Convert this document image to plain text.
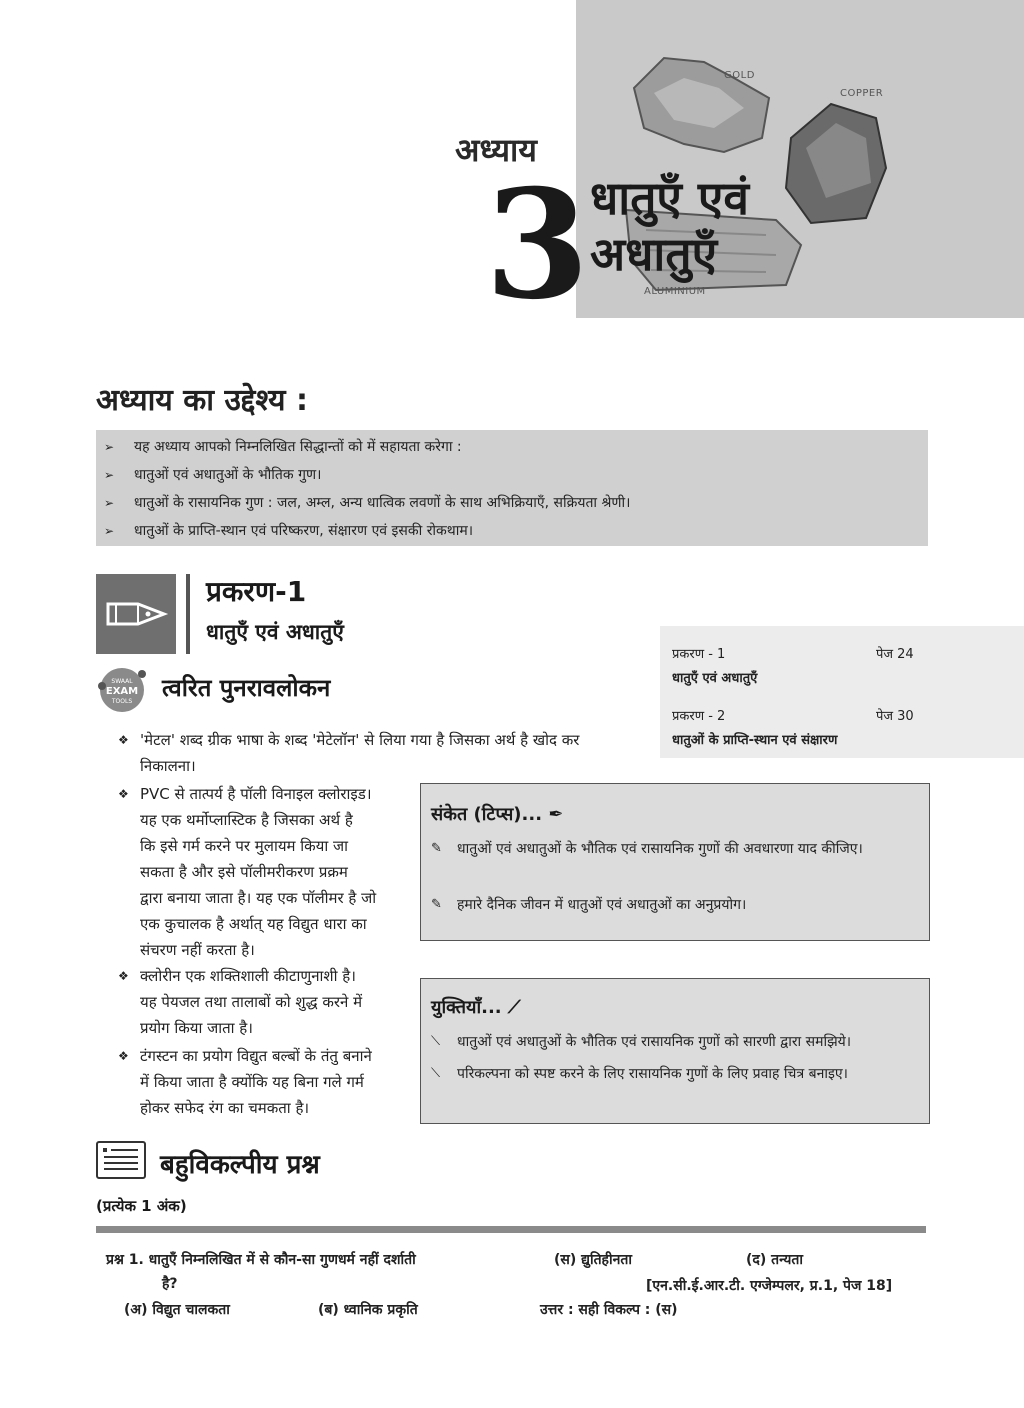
GOLD
COPPER
ALUMINIUM
अध्याय
3 धातुएँ एवं
अधातुएँ
अध्याय का उद्देश्य :
➢ यह अध्याय आपको निम्नलिखित सिद्धान्तों को में सहायता करेगा :
➢ धातुओं एवं अधातुओं के भौतिक गुण।
➢ धातुओं के रासायनिक गुण : जल, अम्ल, अन्य धात्विक लवणों के साथ अभिक्रियाएँ, सक्रियता श्रेणी।
➢ धातुओं के प्राप्ति-स्थान एवं परिष्करण, संक्षारण एवं इसकी रोकथाम।
प्रकरण-1
धातुएँ एवं अधातुएँ
प्रकरण - 1	पेज 24
धातुएँ एवं अधातुएँ
प्रकरण - 2	पेज 30
धातुओं के प्राप्ति-स्थान एवं संक्षारण
SWAAL
EXAM
TOOLS त्वरित पुनरावलोकन
❖ 'मेटल' शब्द ग्रीक भाषा के शब्द 'मेटेलॉन' से लिया गया है जिसका अर्थ है खोद कर
निकालना।
❖ PVC से तात्पर्य है पॉली विनाइल क्लोराइड।
यह एक थर्मोप्लास्टिक है जिसका अर्थ है
कि इसे गर्म करने पर मुलायम किया जा
सकता है और इसे पॉलीमरीकरण प्रक्रम
द्वारा बनाया जाता है। यह एक पॉलीमर है जो
एक कुचालक है अर्थात् यह विद्युत धारा का
संचरण नहीं करता है।
❖ क्लोरीन एक शक्तिशाली कीटाणुनाशी है।
यह पेयजल तथा तालाबों को शुद्ध करने में
प्रयोग किया जाता है।
❖ टंगस्टन का प्रयोग विद्युत बल्बों के तंतु बनाने
में किया जाता है क्योंकि यह बिना गले गर्म
होकर सफेद रंग का चमकता है।
संकेत (टिप्स)... ✒
✎ धातुओं एवं अधातुओं के भौतिक एवं रासायनिक गुणों की अवधारणा याद कीजिए।
✎ हमारे दैनिक जीवन में धातुओं एवं अधातुओं का अनुप्रयोग।
युक्तियाँ... ⟋
⟍ धातुओं एवं अधातुओं के भौतिक एवं रासायनिक गुणों को सारणी द्वारा समझिये।
⟍ परिकल्पना को स्पष्ट करने के लिए रासायनिक गुणों के लिए प्रवाह चित्र बनाइए।
बहुविकल्पीय प्रश्न
(प्रत्येक 1 अंक)
प्रश्न 1. धातुएँ निम्नलिखित में से कौन-सा गुणधर्म नहीं दर्शाती
है?
(अ) विद्युत चालकता	(ब) ध्वानिक प्रकृति
(स) द्युतिहीनता	(द) तन्यता
[एन.सी.ई.आर.टी. एग्जेम्पलर, प्र.1, पेज 18]
उत्तर : सही विकल्प : (स)
